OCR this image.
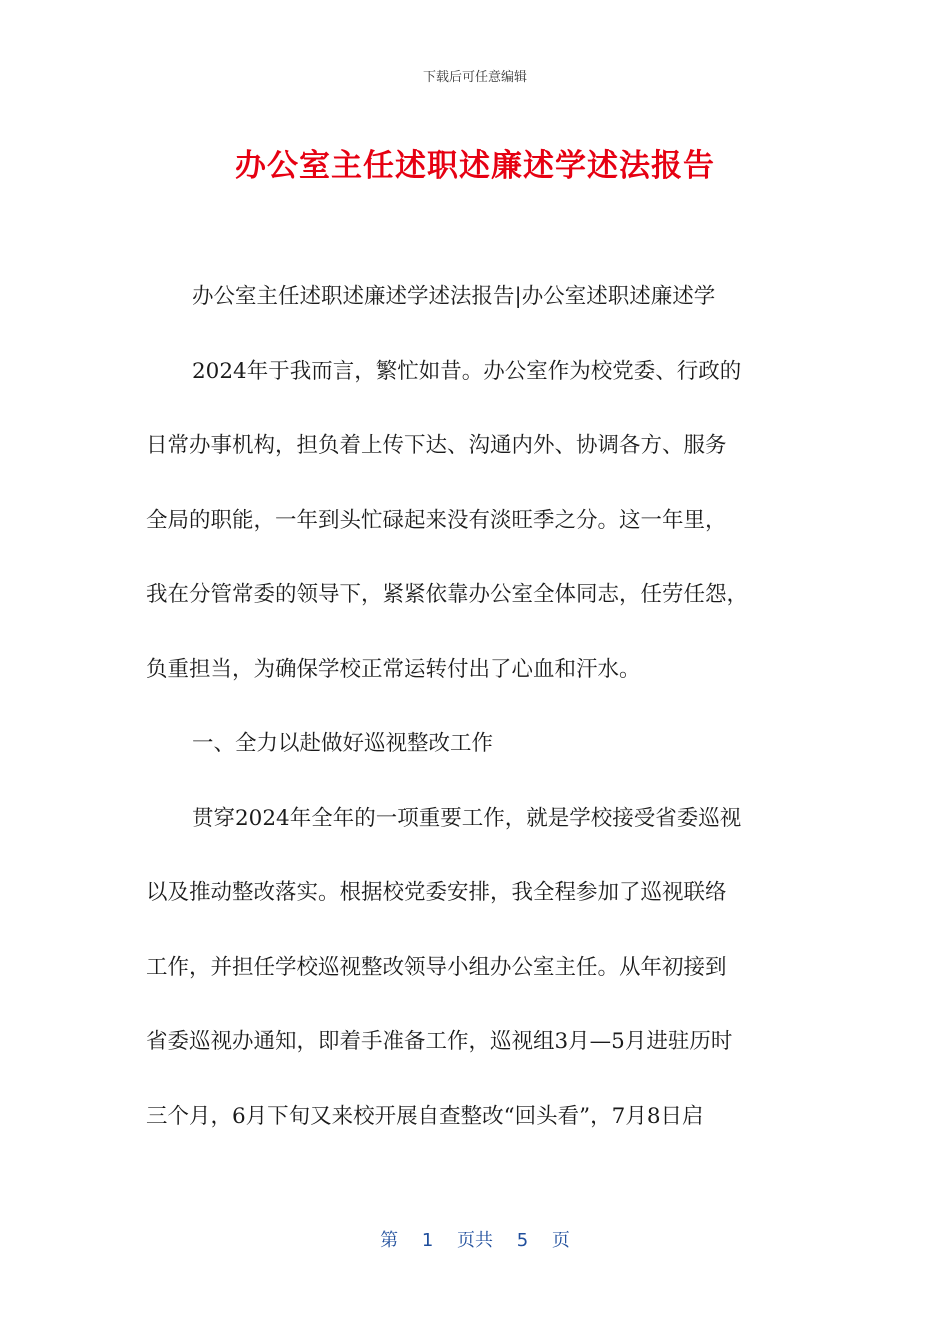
下载后可任意编辑
办公室主任述职述廉述学述法报告
办公室主任述职述廉述学述法报告|办公室述职述廉述学
2024年于我而言，繁忙如昔。办公室作为校党委、行政的
日常办事机构，担负着上传下达、沟通内外、协调各方、服务
全局的职能，一年到头忙碌起来没有淡旺季之分。这一年里，
我在分管常委的领导下，紧紧依靠办公室全体同志，任劳任怨，
负重担当，为确保学校正常运转付出了心血和汗水。
一、全力以赴做好巡视整改工作
贯穿2024年全年的一项重要工作，就是学校接受省委巡视
以及推动整改落实。根据校党委安排，我全程参加了巡视联络
工作，并担任学校巡视整改领导小组办公室主任。从年初接到
省委巡视办通知，即着手准备工作，巡视组3月—5月进驻历时
三个月，6月下旬又来校开展自查整改“回头看”，7月8日启
第 1 页共 5 页
